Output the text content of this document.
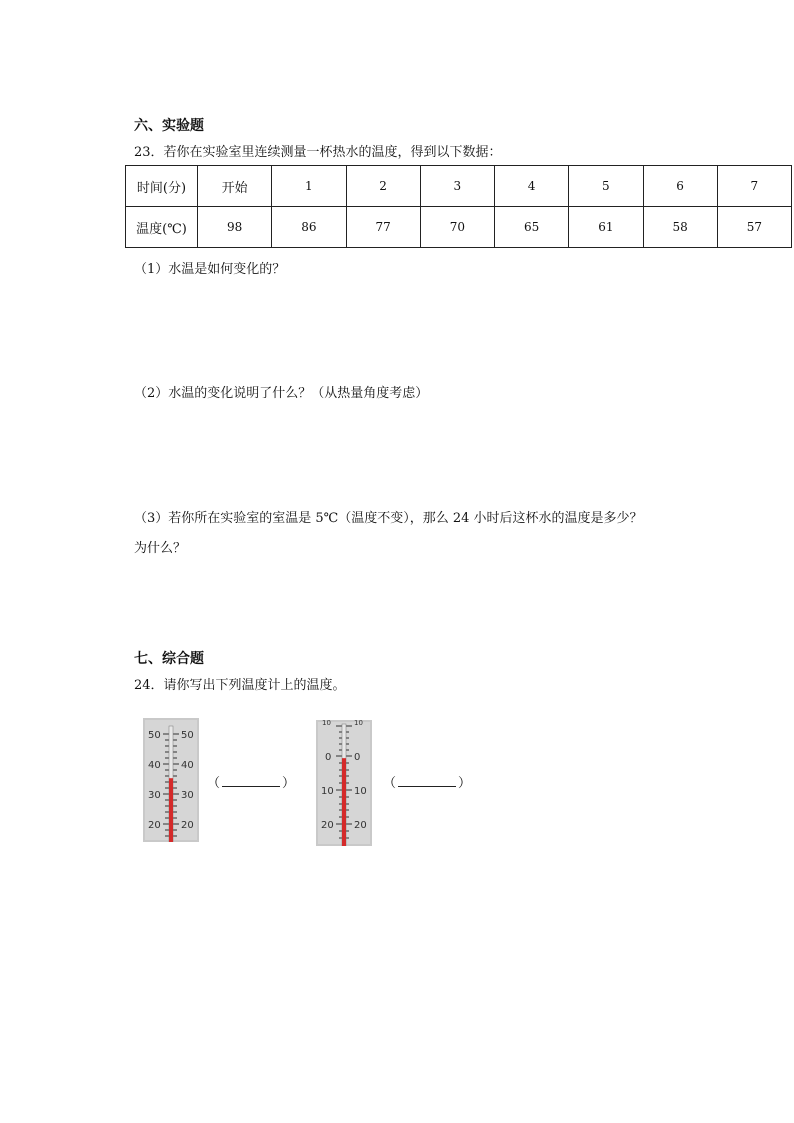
六、实验题
23．若你在实验室里连续测量一杯热水的温度，得到以下数据：
时间(分)	开始	1	2	3	4	5	6	7
温度(℃)	98	86	77	70	65	61	58	57
（1）水温是如何变化的？
（2）水温的变化说明了什么？（从热量角度考虑）
（3）若你所在实验室的室温是 5℃（温度不变），那么 24 小时后这杯水的温度是多少？
为什么？
七、综合题
24．请你写出下列温度计上的温度。
50
40
30
20
50
40
30
20
（	）
10	10
0
10
20
0
10
20
（	）
